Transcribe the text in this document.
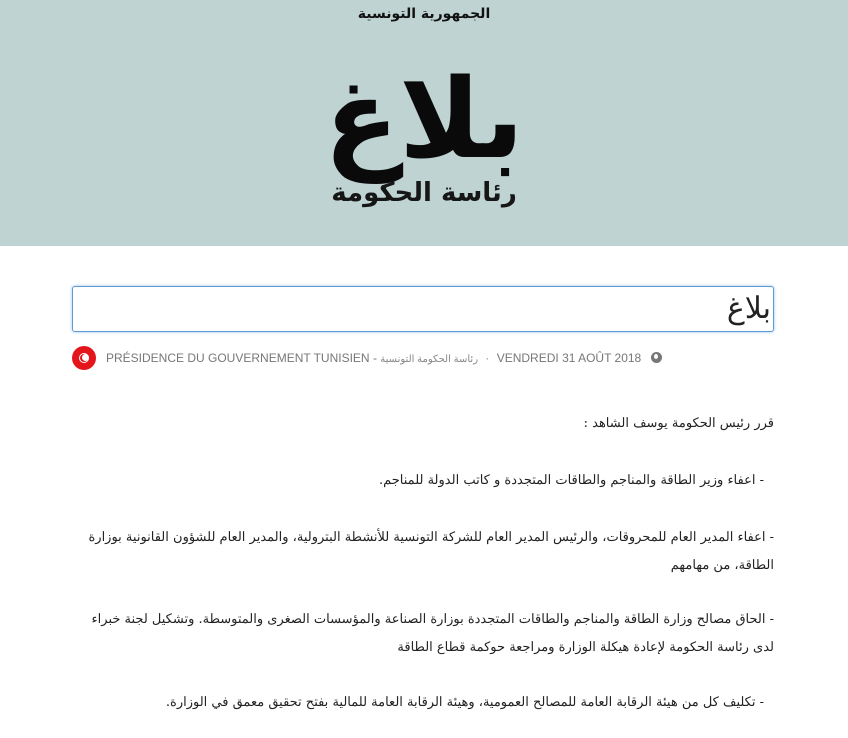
الجمهورية التونسية
بلاغ
رئاسة الحكومة
بلاغ
PRÉSIDENCE DU GOUVERNEMENT TUNISIEN - رئاسة الحكومة التونسية · VENDREDI 31 AOÛT 2018

قرر رئيس الحكومة يوسف الشاهد :

- اعفاء وزير الطاقة والمناجم والطاقات المتجددة و كاتب الدولة للمناجم.

- اعفاء المدير العام للمحروقات، والرئيس المدير العام للشركة التونسية للأنشطة البترولية، والمدير العام للشؤون القانونية بوزارة الطاقة، من مهامهم

- الحاق مصالح وزارة الطاقة والمناجم والطاقات المتجددة بوزارة الصناعة والمؤسسات الصغرى والمتوسطة. وتشكيل لجنة خبراء لدى رئاسة الحكومة لإعادة هيكلة الوزارة ومراجعة حوكمة قطاع الطاقة

- تكليف كل من هيئة الرقابة العامة للمصالح العمومية، وهيئة الرقابة العامة للمالية بفتح تحقيق معمق في الوزارة.
